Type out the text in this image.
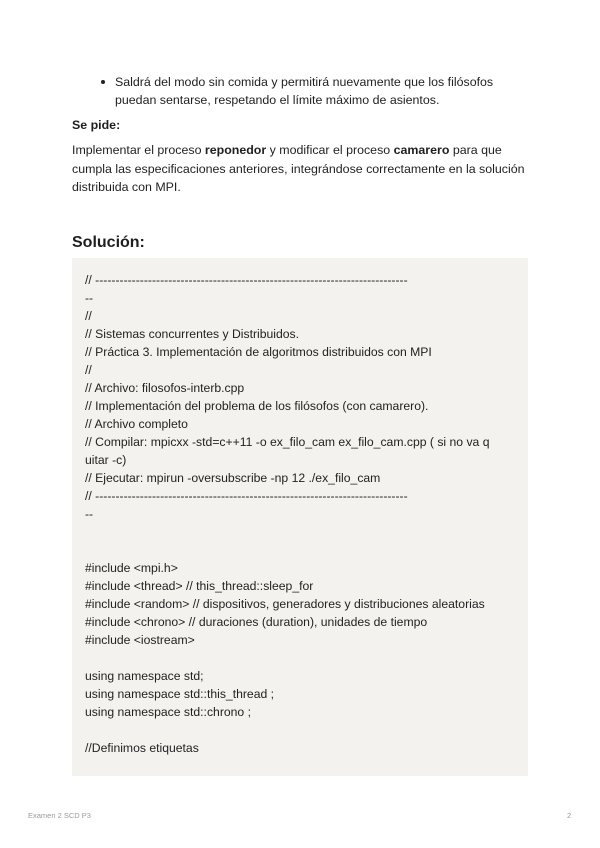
Saldrá del modo sin comida y permitirá nuevamente que los filósofos
puedan sentarse, respetando el límite máximo de asientos.
Se pide:

Implementar el proceso reponedor y modificar el proceso camarero para que cumpla las especificaciones anteriores, integrándose correctamente en la solución distribuida con MPI.

Solución:
// -----------------------------------------------------------------------------
--
//
// Sistemas concurrentes y Distribuidos.
// Práctica 3. Implementación de algoritmos distribuidos con MPI
//
// Archivo: filosofos-interb.cpp
// Implementación del problema de los filósofos (con camarero).
// Archivo completo
// Compilar: mpicxx -std=c++11 -o ex_filo_cam ex_filo_cam.cpp ( si no va q
uitar -c)
// Ejecutar: mpirun -oversubscribe -np 12 ./ex_filo_cam
// -----------------------------------------------------------------------------
--
#include <mpi.h>
#include <thread> // this_thread::sleep_for
#include <random> // dispositivos, generadores y distribuciones aleatorias
#include <chrono> // duraciones (duration), unidades de tiempo
#include <iostream>
using namespace std;
using namespace std::this_thread ;
using namespace std::chrono ;
//Definimos etiquetas
Examen 2 SCD P3	2
